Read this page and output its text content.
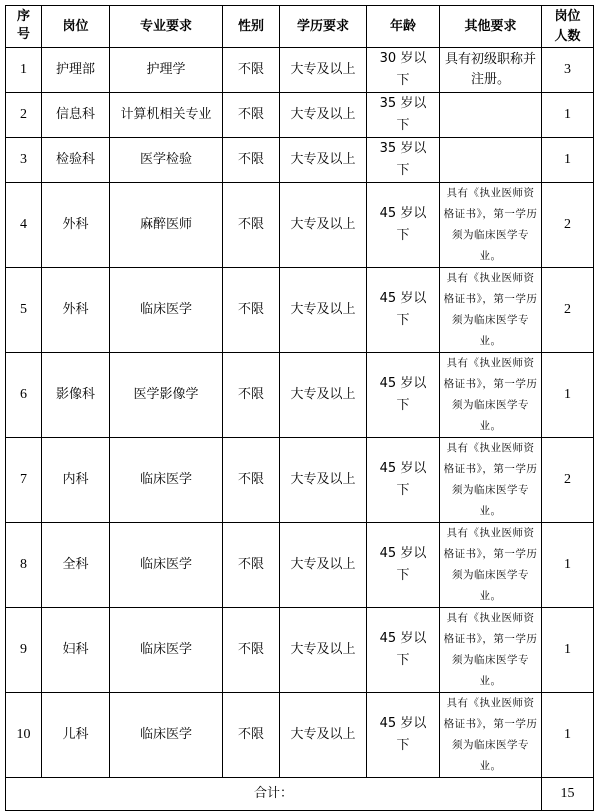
序号	岗位	专业要求	性别	学历要求	年龄	其他要求	岗位人数
1	护理部	护理学	不限	大专及以上	30 岁以下	具有初级职称并注册。	3
2	信息科	计算机相关专业	不限	大专及以上	35 岁以下		1
3	检验科	医学检验	不限	大专及以上	35 岁以下		1
4	外科	麻醉医师	不限	大专及以上	45 岁以下	具有《执业医师资格证书》，第一学历须为临床医学专业。	2
5	外科	临床医学	不限	大专及以上	45 岁以下	具有《执业医师资格证书》，第一学历须为临床医学专业。	2
6	影像科	医学影像学	不限	大专及以上	45 岁以下	具有《执业医师资格证书》，第一学历须为临床医学专业。	1
7	内科	临床医学	不限	大专及以上	45 岁以下	具有《执业医师资格证书》，第一学历须为临床医学专业。	2
8	全科	临床医学	不限	大专及以上	45 岁以下	具有《执业医师资格证书》，第一学历须为临床医学专业。	1
9	妇科	临床医学	不限	大专及以上	45 岁以下	具有《执业医师资格证书》，第一学历须为临床医学专业。	1
10	儿科	临床医学	不限	大专及以上	45 岁以下	具有《执业医师资格证书》，第一学历须为临床医学专业。	1
合计：							15
